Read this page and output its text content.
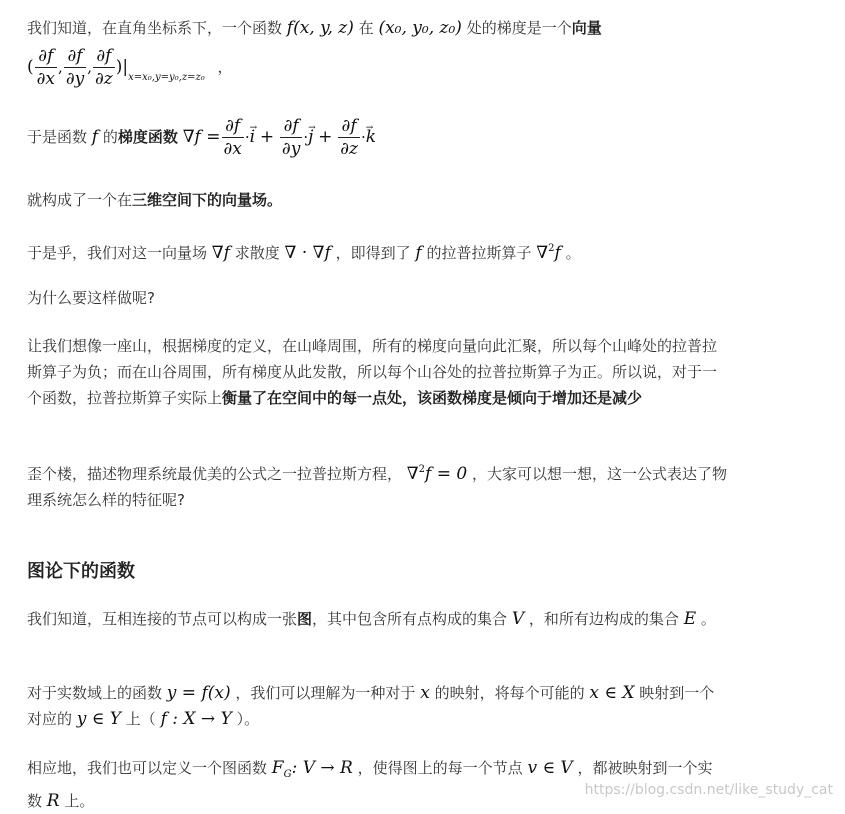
我们知道，在直角坐标系下，一个函数 f(x, y, z) 在 (x₀, y₀, z₀) 处的梯度是一个向量
( $\frac{\partial f}{\partial x}$ , $\frac{\partial f}{\partial y}$ , $\frac{\partial f}{\partial z} )|_{x=x_0,y=y_0,z=z_0}$ ，
于是函数 f 的梯度函数 $\nabla f = \frac{\partial f}{\partial x} \cdot\to i + \frac{\partial f}{\partial y} \cdot\to j + \frac{\partial f}{\partial z} \cdot\to k$
就构成了一个在三维空间下的向量场。
于是乎，我们对这一向量场 ∇f 求散度 ∇ · ∇f ，即得到了 f 的拉普拉斯算子 ∇$^2$f 。
为什么要这样做呢?
让我们想像一座山，根据梯度的定义，在山峰周围，所有的梯度向量向此汇聚，所以每个山峰处的拉普拉斯算子为负；而在山谷周围，所有梯度从此发散，所以每个山谷处的拉普拉斯算子为正。所以说，对于一个函数，拉普拉斯算子实际上衡量了在空间中的每一点处，该函数梯度是倾向于增加还是减少
歪个楼，描述物理系统最优美的公式之一拉普拉斯方程， ∇$^2$f = 0 ，大家可以想一想，这一公式表达了物理系统怎么样的特征呢?
图论下的函数
我们知道，互相连接的节点可以构成一张图，其中包含所有点构成的集合 V ，和所有边构成的集合 E 。
对于实数域上的函数 y = f(x) ，我们可以理解为一种对于 x 的映射，将每个可能的 x ∈ X 映射到一个对应的 y ∈ Y 上（ f : X → Y ）。
相应地，我们也可以定义一个图函数 $F_G$: V → R ，使得图上的每一个节点 v ∈ V ，都被映射到一个实数 R 上。
https://blog.csdn.net/like_study_cat
